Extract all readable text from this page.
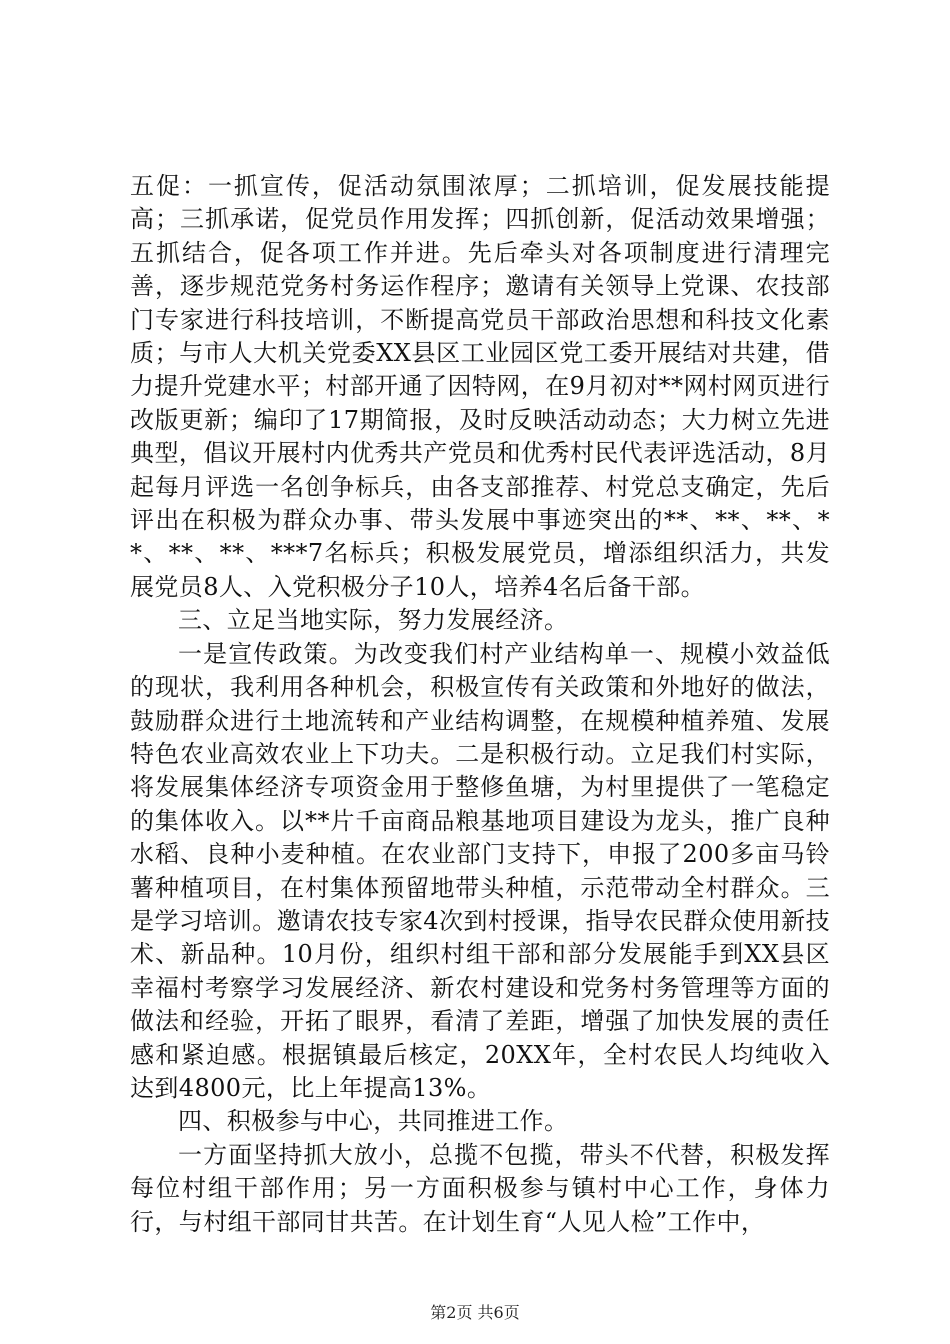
五促：一抓宣传，促活动氛围浓厚；二抓培训，促发展技能提高；三抓承诺，促党员作用发挥；四抓创新，促活动效果增强；五抓结合，促各项工作并进。先后牵头对各项制度进行清理完善，逐步规范党务村务运作程序；邀请有关领导上党课、农技部门专家进行科技培训，不断提高党员干部政治思想和科技文化素质；与市人大机关党委XX县区工业园区党工委开展结对共建，借力提升党建水平；村部开通了因特网，在9月初对**网村网页进行改版更新；编印了17期简报，及时反映活动动态；大力树立先进典型，倡议开展村内优秀共产党员和优秀村民代表评选活动，8月起每月评选一名创争标兵，由各支部推荐、村党总支确定，先后评出在积极为群众办事、带头发展中事迹突出的**、**、**、**、**、**、***7名标兵；积极发展党员，增添组织活力，共发展党员8人、入党积极分子10人，培养4名后备干部。

三、立足当地实际，努力发展经济。

一是宣传政策。为改变我们村产业结构单一、规模小效益低的现状，我利用各种机会，积极宣传有关政策和外地好的做法，鼓励群众进行土地流转和产业结构调整，在规模种植养殖、发展特色农业高效农业上下功夫。二是积极行动。立足我们村实际，将发展集体经济专项资金用于整修鱼塘，为村里提供了一笔稳定的集体收入。以**片千亩商品粮基地项目建设为龙头，推广良种水稻、良种小麦种植。在农业部门支持下，申报了200多亩马铃薯种植项目，在村集体预留地带头种植，示范带动全村群众。三是学习培训。邀请农技专家4次到村授课，指导农民群众使用新技术、新品种。10月份，组织村组干部和部分发展能手到XX县区幸福村考察学习发展经济、新农村建设和党务村务管理等方面的做法和经验，开拓了眼界，看清了差距，增强了加快发展的责任感和紧迫感。根据镇最后核定，20XX年，全村农民人均纯收入达到4800元，比上年提高13%。

四、积极参与中心，共同推进工作。

一方面坚持抓大放小，总揽不包揽，带头不代替，积极发挥每位村组干部作用；另一方面积极参与镇村中心工作，身体力行，与村组干部同甘共苦。在计划生育“人见人检”工作中，

第2页 共6页
